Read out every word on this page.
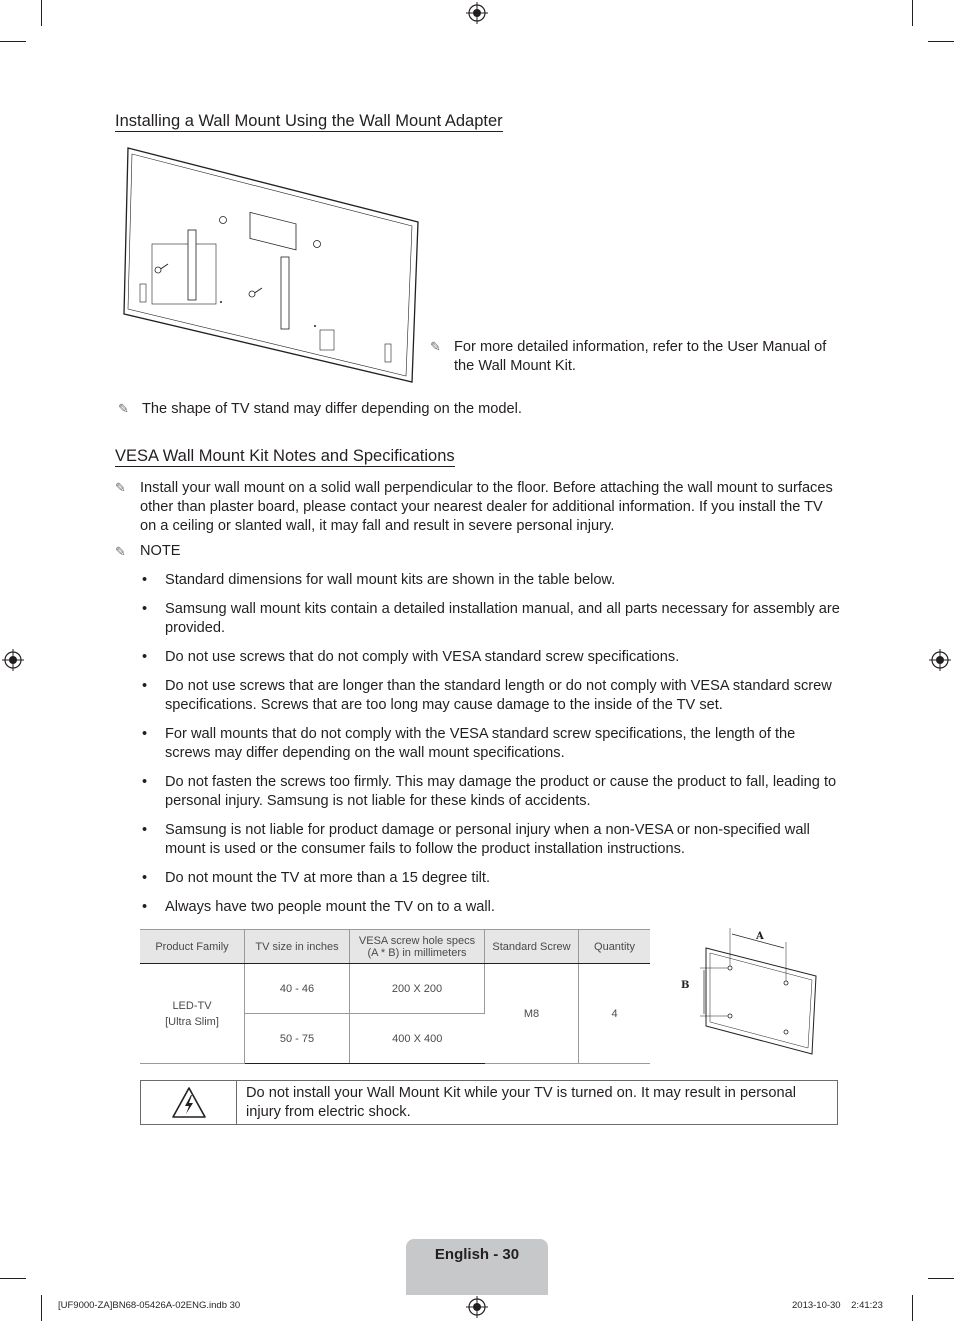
Installing a Wall Mount Using the Wall Mount Adapter
✎ For more detailed information, refer to the User Manual of the Wall Mount Kit.
✎ The shape of TV stand may differ depending on the model.
VESA Wall Mount Kit Notes and Specifications
✎ Install your wall mount on a solid wall perpendicular to the floor. Before attaching the wall mount to surfaces other than plaster board, please contact your nearest dealer for additional information. If you install the TV on a ceiling or slanted wall, it may fall and result in severe personal injury.
✎ NOTE
• Standard dimensions for wall mount kits are shown in the table below.
• Samsung wall mount kits contain a detailed installation manual, and all parts necessary for assembly are provided.
• Do not use screws that do not comply with VESA standard screw specifications.
• Do not use screws that are longer than the standard length or do not comply with VESA standard screw specifications. Screws that are too long may cause damage to the inside of the TV set.
• For wall mounts that do not comply with the VESA standard screw specifications, the length of the screws may differ depending on the wall mount specifications.
• Do not fasten the screws too firmly. This may damage the product or cause the product to fall, leading to personal injury. Samsung is not liable for these kinds of accidents.
• Samsung is not liable for product damage or personal injury when a non-VESA or non-specified wall mount is used or the consumer fails to follow the product installation instructions.
• Do not mount the TV at more than a 15 degree tilt.
• Always have two people mount the TV on to a wall.
Product Family	TV size in inches	VESA screw hole specs (A * B) in millimeters	Standard Screw	Quantity

LED-TV
[Ultra Slim]	40 - 46	200 X 200	M8	4
	50 - 75	400 X 400		
A
B
Do not install your Wall Mount Kit while your TV is turned on. It may result in personal injury from electric shock.
English - 30
[UF9000-ZA]BN68-05426A-02ENG.indb 30	2013-10-30    2:41:23
